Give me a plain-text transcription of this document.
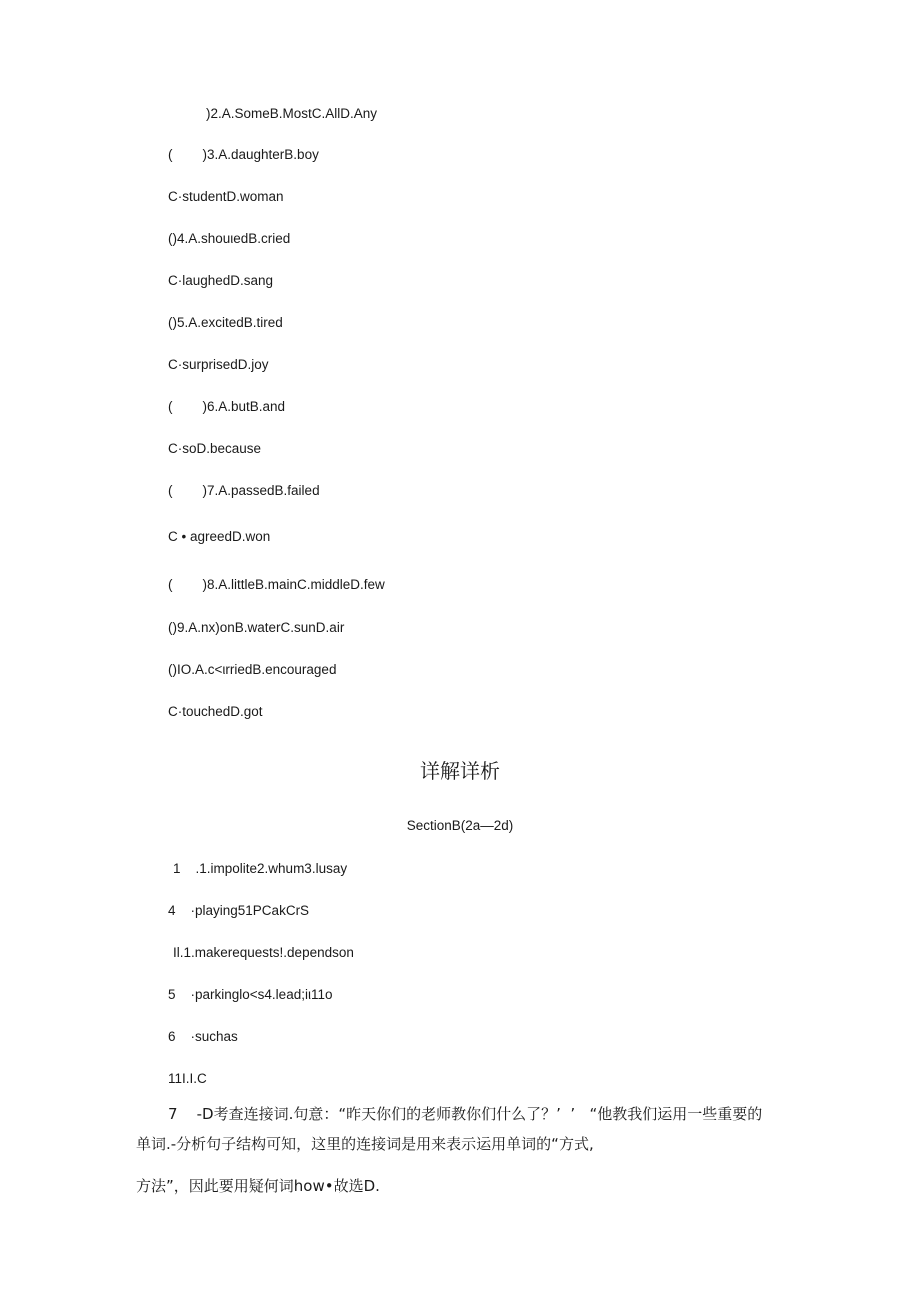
)2.A.SomeB.MostC.AllD.Any
(        )3.A.daughterB.boy
C·studentD.woman
()4.A.shouιedB.cried
C·laughedD.sang
()5.A.excitedB.tired
C·surprisedD.joy
(        )6.A.butB.and
C·soD.because
(        )7.A.passedB.failed
C • agreedD.won
(        )8.A.littleB.mainC.middleD.few
()9.A.nx)onB.waterC.sunD.air
()IO.A.c<ιrriedB.encouraged
C·touchedD.got
详解详析
SectionB(2a—2d)
1    .1.impolite2.whum3.lusay
4    ·playing51PCakCrS
Il.1.makerequests!.dependson
5    ·parkinglo<s4.lead;iι11o
6    ·suchas
11I.I.C
7    -D考查连接词.句意：“昨天你们的老师教你们什么了？’  ’   “他教我们运用一些重要的
单词.-分析句子结构可知，这里的连接词是用来表示运用单词的“方式,
方法”，因此要用疑何词how•故选D.
